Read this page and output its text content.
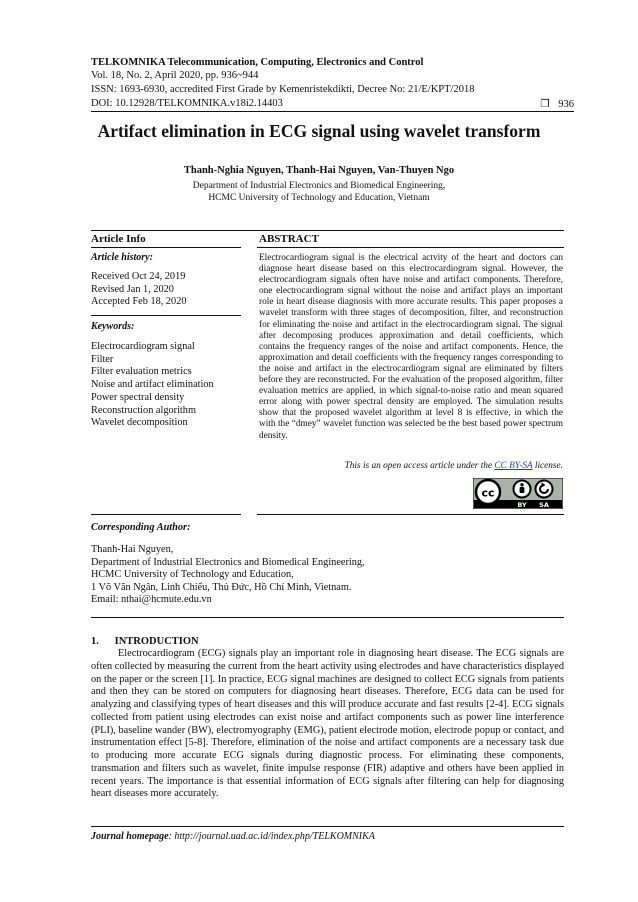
TELKOMNIKA Telecommunication, Computing, Electronics and Control
Vol. 18, No. 2, April 2020, pp. 936~944
ISSN: 1693-6930, accredited First Grade by Kemenristekdikti, Decree No: 21/E/KPT/2018
DOI: 10.12928/TELKOMNIKA.v18i2.14403	❐ 936
Artifact elimination in ECG signal using wavelet transform
Thanh-Nghia Nguyen, Thanh-Hai Nguyen, Van-Thuyen Ngo
Department of Industrial Electronics and Biomedical Engineering,
HCMC University of Technology and Education, Vietnam
Article Info
Article history:
Received Oct 24, 2019
Revised Jan 1, 2020
Accepted Feb 18, 2020
Keywords:
Electrocardiogram signal
Filter
Filter evaluation metrics
Noise and artifact elimination
Power spectral density
Reconstruction algorithm
Wavelet decomposition
ABSTRACT
Electrocardiogram signal is the electrical actvity of the heart and doctors can diagnose heart disease based on this electrocardiogram signal. However, the electrocardiogram signals often have noise and artifact components. Therefore, one electrocardiogram signal without the noise and artifact plays an important role in heart disease diagnosis with more accurate results. This paper proposes a wavelet transform with three stages of decomposition, filter, and reconstruction for eliminating the noise and artifact in the electrocardiogram signal. The signal after decomposing produces approximation and detail coefficients, which contains the frequency ranges of the noise and artifact components. Hence, the approximation and detail coefficients with the frequency ranges corresponding to the noise and artifact in the electrocardiogram signal are eliminated by filters before they are reconstructed. For the evaluation of the proposed algorithm, filter evaluation metrics are applied, in which signal-to-noise ratio and mean squared error along with power spectral density are employed. The simulation results show that the proposed wavelet algorithm at level 8 is effective, in which the with the “dmey” wavelet function was selected be the best based power spectrum density.
This is an open access article under the CC BY-SA license.
cc
BY SA
Corresponding Author:
Thanh-Hai Nguyen,
Department of Industrial Electronics and Biomedical Engineering,
HCMC University of Technology and Education,
1 Võ Văn Ngân, Linh Chiểu, Thủ Đức, Hồ Chí Minh, Vietnam.
Email: nthai@hcmute.edu.vn
1.      INTRODUCTION

Electrocardiogram (ECG) signals play an important role in diagnosing heart disease. The ECG signals are often collected by measuring the current from the heart activity using electrodes and have characteristics displayed on the paper or the screen [1]. In practice, ECG signal machines are designed to collect ECG signals from patients and then they can be stored on computers for diagnosing heart diseases. Therefore, ECG data can be used for analyzing and classifying types of heart diseases and this will produce accurate and fast results [2-4]. ECG signals collected from patient using electrodes can exist noise and artifact components such as power line interference (PLI), baseline wander (BW), electromyography (EMG), patient electrode motion, electrode popup or contact, and instrumentation effect [5-8]. Therefore, elimination of the noise and artifact components are a necessary task due to producing more accurate ECG signals during diagnostic process. For eliminating these components, transmation and filters such as wavelet, finite impulse response (FIR) adaptive and others have been applied in recent years. The importance is that essential information of ECG signals after filtering can help for diagnosing heart diseases more accurately.

Journal homepage: http://journal.uad.ac.id/index.php/TELKOMNIKA
